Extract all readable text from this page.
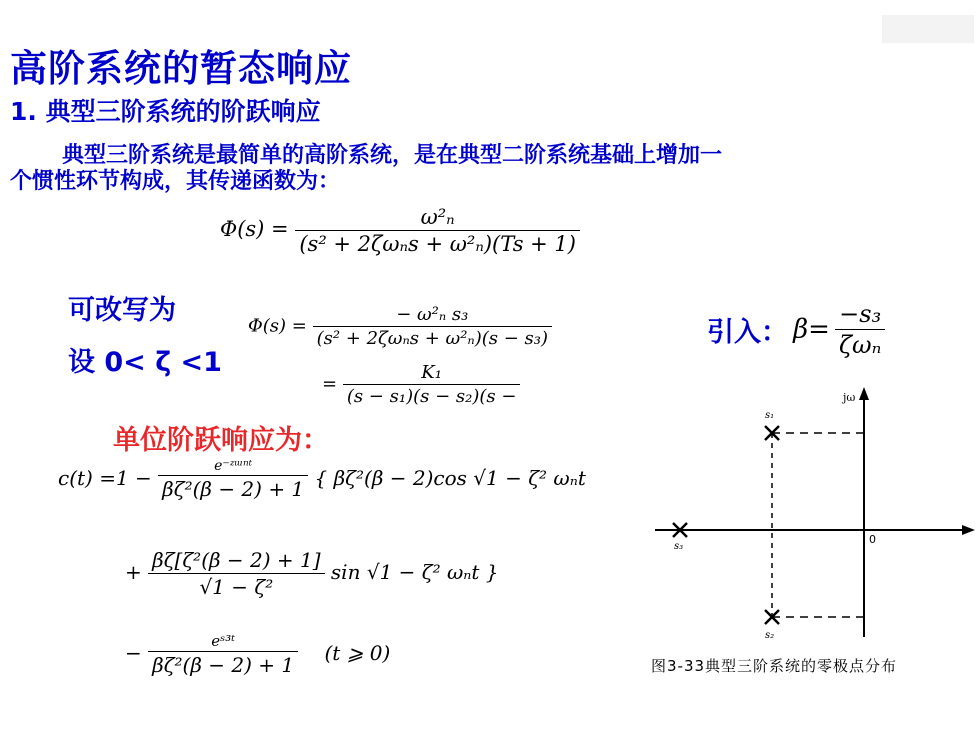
高阶系统的暂态响应
1. 典型三阶系统的阶跃响应
典型三阶系统是最简单的高阶系统，是在典型二阶系统基础上增加一
个惯性环节构成，其传递函数为：
$\Phi(s) = \frac{\text{ω²ₙ}}{\text{(s² + 2ζωₙs + ω²ₙ)(Ts + 1)}}$
可改写为
设 0< ζ <1
$\Phi(s) = \frac{\text{− ω²ₙ s₃}}{\text{(s² + 2ζωₙs + ω²ₙ)(s − s₃)}}$
= $\frac{\text{K₁}}{\text{(s − s₁)(s − s₂)(s −}}$
引入： $\beta= \frac{\text{−s₃}}{\text{ζωₙ}}$
单位阶跃响应为：
$c(t) =1 - \frac{\text{e⁻ᶻᵚⁿᵗ}}{\text{βζ²(β − 2) + 1}}$ { βζ²(β − 2)cos √1 − ζ² ωₙt
+ $\frac{\text{βζ[ζ²(β − 2) + 1]}}{\text{√1 − ζ²}}$ sin √1 − ζ² ωₙt }
− $\frac{\text{eˢ³ᵗ}}{\text{βζ²(β − 2) + 1}} (t$ ⩾ 0)
jω
0
s₁
s₂
s₃
图3-33典型三阶系统的零极点分布
